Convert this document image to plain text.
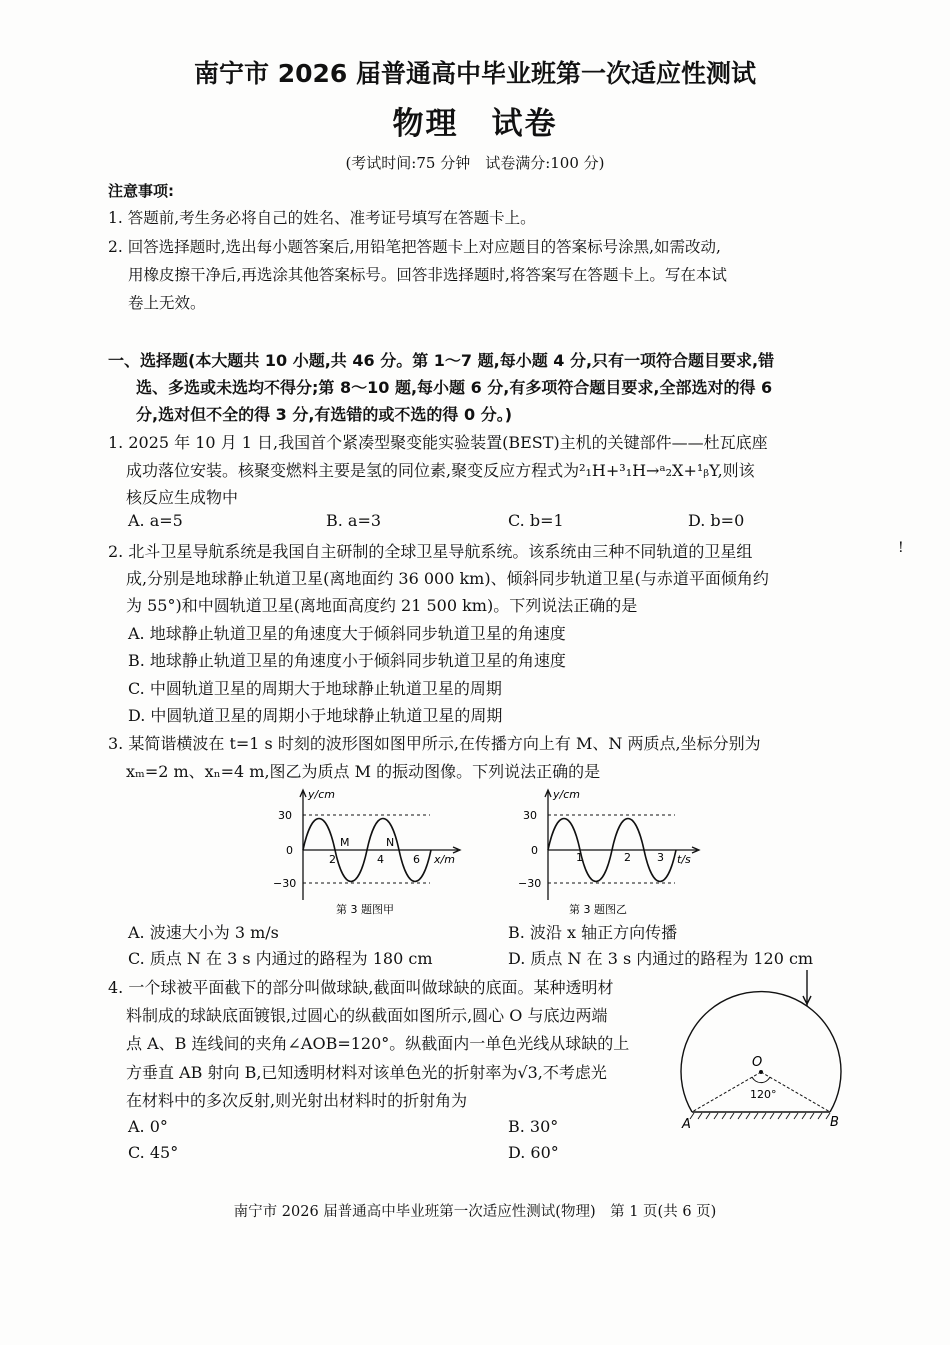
南宁市 2026 届普通高中毕业班第一次适应性测试
物理　试卷
(考试时间:75 分钟　试卷满分:100 分)
注意事项:
1. 答题前,考生务必将自己的姓名、准考证号填写在答题卡上。
2. 回答选择题时,选出每小题答案后,用铅笔把答题卡上对应题目的答案标号涂黑,如需改动,
用橡皮擦干净后,再选涂其他答案标号。回答非选择题时,将答案写在答题卡上。写在本试
卷上无效。
一、选择题(本大题共 10 小题,共 46 分。第 1～7 题,每小题 4 分,只有一项符合题目要求,错
选、多选或未选均不得分;第 8～10 题,每小题 6 分,有多项符合题目要求,全部选对的得 6
分,选对但不全的得 3 分,有选错的或不选的得 0 分。)
1. 2025 年 10 月 1 日,我国首个紧凑型聚变能实验装置(BEST)主机的关键部件——杜瓦底座
成功落位安装。核聚变燃料主要是氢的同位素,聚变反应方程式为²₁H+³₁H→ᵃ₂X+¹ᵦY,则该
核反应生成物中
A. a=5	B. a=3	C. b=1	D. b=0
2. 北斗卫星导航系统是我国自主研制的全球卫星导航系统。该系统由三种不同轨道的卫星组
成,分别是地球静止轨道卫星(离地面约 36 000 km)、倾斜同步轨道卫星(与赤道平面倾角约
为 55°)和中圆轨道卫星(离地面高度约 21 500 km)。下列说法正确的是
A. 地球静止轨道卫星的角速度大于倾斜同步轨道卫星的角速度
B. 地球静止轨道卫星的角速度小于倾斜同步轨道卫星的角速度
C. 中圆轨道卫星的周期大于地球静止轨道卫星的周期
D. 中圆轨道卫星的周期小于地球静止轨道卫星的周期
!
3. 某简谐横波在 t=1 s 时刻的波形图如图甲所示,在传播方向上有 M、N 两质点,坐标分别为
xₘ=2 m、xₙ=4 m,图乙为质点 M 的振动图像。下列说法正确的是
y/cm
30
0
−30
2	4	6 x/m
M	N
第 3 题图甲
y/cm
30
0
−30
1	2 3 t/s
第 3 题图乙
A. 波速大小为 3 m/s	B. 波沿 x 轴正方向传播
C. 质点 N 在 3 s 内通过的路程为 180 cm	D. 质点 N 在 3 s 内通过的路程为 120 cm
4. 一个球被平面截下的部分叫做球缺,截面叫做球缺的底面。某种透明材
料制成的球缺底面镀银,过圆心的纵截面如图所示,圆心 O 与底边两端
点 A、B 连线间的夹角∠AOB=120°。纵截面内一单色光线从球缺的上
方垂直 AB 射向 B,已知透明材料对该单色光的折射率为√3,不考虑光
在材料中的多次反射,则光射出材料时的折射角为
A. 0°	B. 30°
C. 45°	D. 60°
O
A	B
120°
南宁市 2026 届普通高中毕业班第一次适应性测试(物理)　第 1 页(共 6 页)
